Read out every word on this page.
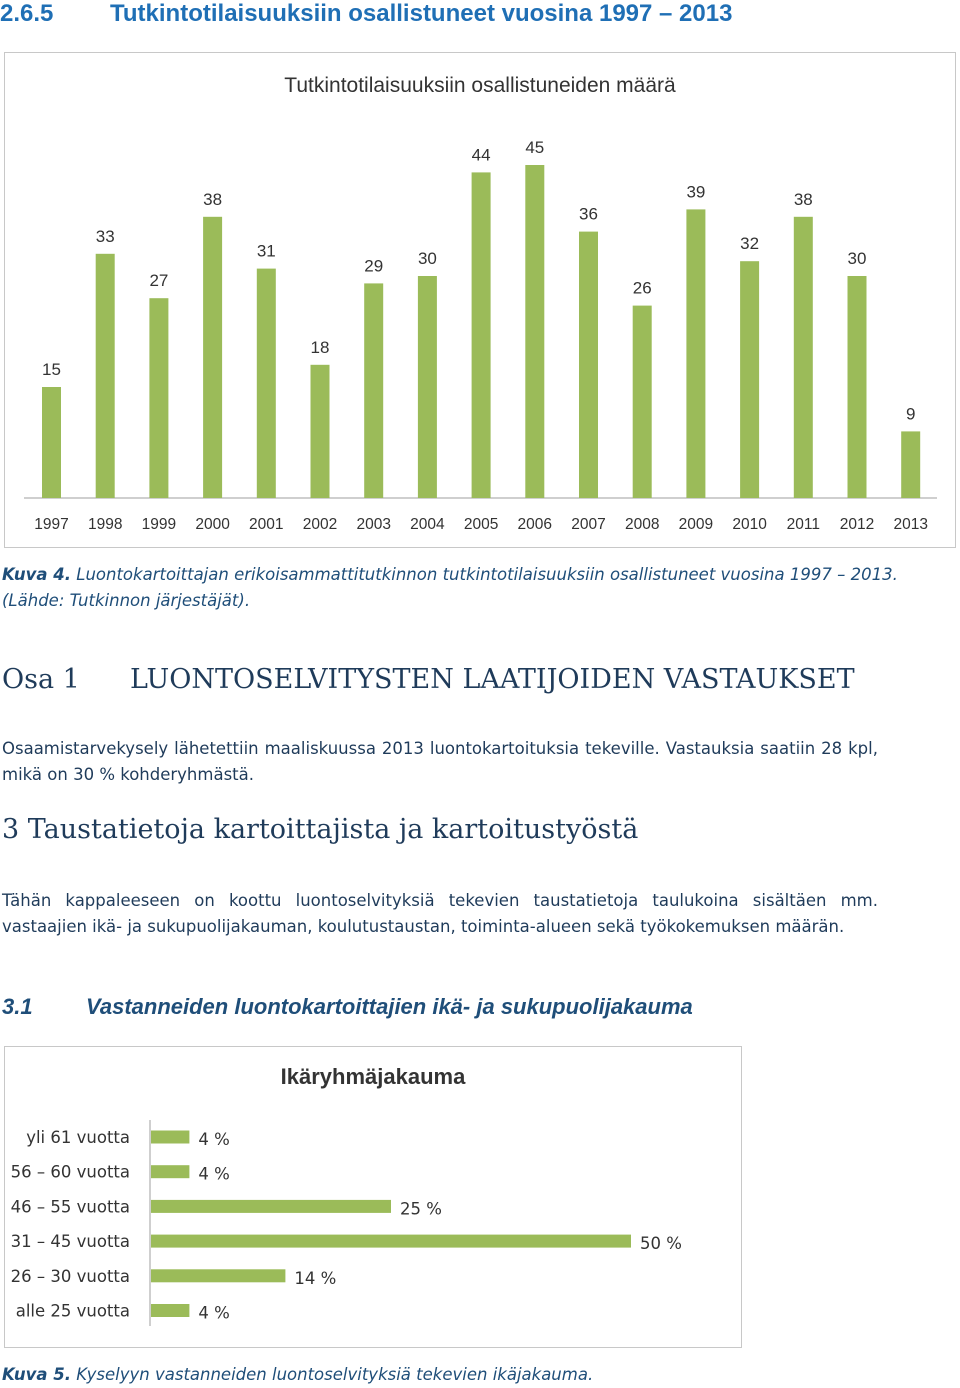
2.6.5 Tutkintotilaisuuksiin osallistuneet vuosina 1997 – 2013
Tutkintotilaisuuksiin osallistuneiden määrä
15
1997
33
1998
27
1999
38
2000
31
2001
18
2002
29
2003
30
2004
44
2005
45
2006
36
2007
26
2008
39
2009
32
2010
38
2011
30
2012
9
2013
Kuva 4. Luontokartoittajan erikoisammattitutkinnon tutkintotilaisuuksiin osallistuneet vuosina 1997 – 2013. (Lähde: Tutkinnon järjestäjät).
Osa 1 LUONTOSELVITYSTEN LAATIJOIDEN VASTAUKSET
Osaamistarvekysely lähetettiin maaliskuussa 2013 luontokartoituksia tekeville. Vastauksia saatiin 28 kpl, mikä on 30 % kohderyhmästä.
3 Taustatietoja kartoittajista ja kartoitustyöstä
Tähän kappaleeseen on koottu luontoselvityksiä tekevien taustatietoja taulukoina sisältäen mm. vastaajien ikä- ja sukupuolijakauman, koulutustaustan, toiminta-alueen sekä työkokemuksen määrän.
3.1 Vastanneiden luontokartoittajien ikä- ja sukupuolijakauma
Ikäryhmäjakauma
yli 61 vuotta	4 %
56 – 60 vuotta	4 %
46 – 55 vuotta	25 %
31 – 45 vuotta	50 %
26 – 30 vuotta	14 %
alle 25 vuotta	4 %
Kuva 5. Kyselyyn vastanneiden luontoselvityksiä tekevien ikäjakauma.
